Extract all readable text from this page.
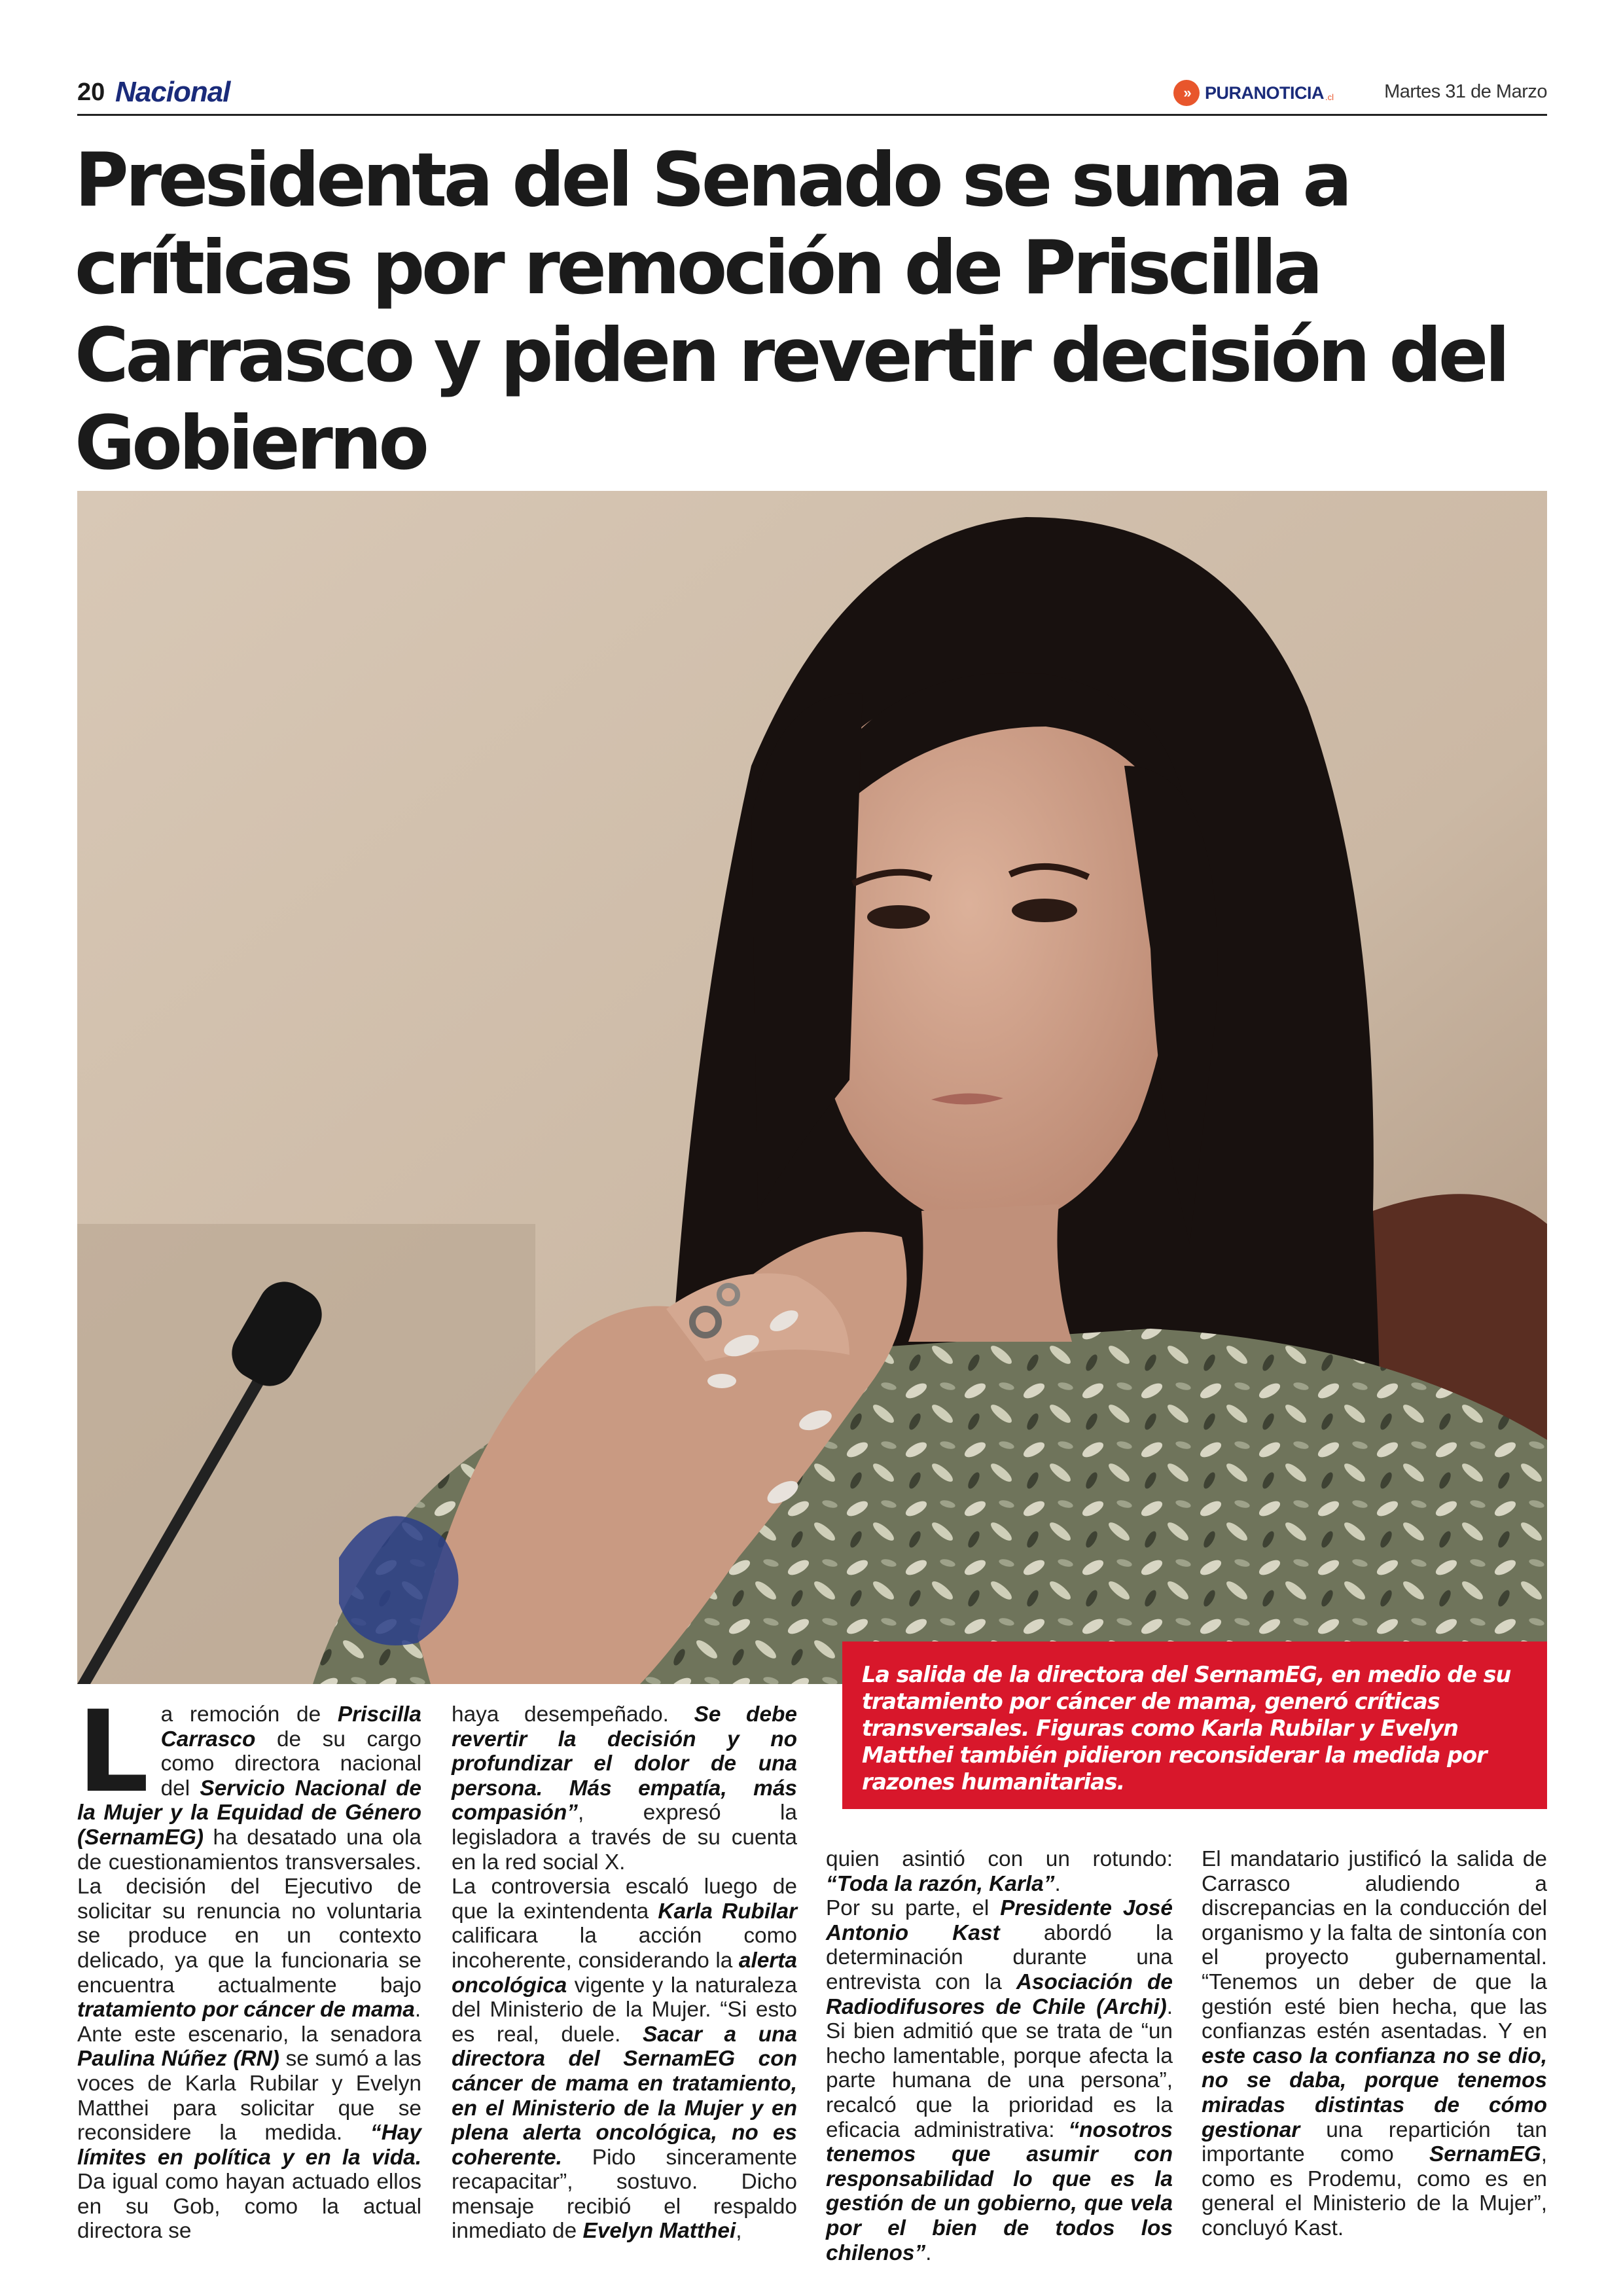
20 Nacional	» PURANOTICIA .cl	Martes 31 de Marzo
Presidenta del Senado se suma a críticas por remoción de Priscilla Carrasco y piden revertir decisión del Gobierno
La salida de la directora del SernamEG, en medio de su tratamiento por cáncer de mama, generó críticas transversales. Figuras como Karla Rubilar y Evelyn Matthei también pidieron reconsiderar la medida por razones humanitarias.

La remoción de Priscilla Carrasco de su cargo como directora nacional del Servicio Nacional de la Mujer y la Equidad de Género (SernamEG) ha desatado una ola de cuestionamientos transversales. La decisión del Ejecutivo de solicitar su renuncia no voluntaria se produce en un contexto delicado, ya que la funcionaria se encuentra actualmente bajo tratamiento por cáncer de mama.
Ante este escenario, la senadora Paulina Núñez (RN) se sumó a las voces de Karla Rubilar y Evelyn Matthei para solicitar que se reconsidere la medida. “Hay límites en política y en la vida. Da igual como hayan actuado ellos en su Gob, como la actual directora se

haya desempeñado. Se debe revertir la decisión y no profundizar el dolor de una persona. Más empatía, más compasión”, expresó la legisladora a través de su cuenta en la red social X.
La controversia escaló luego de que la exintendenta Karla Rubilar calificara la acción como incoherente, considerando la alerta oncológica vigente y la naturaleza del Ministerio de la Mujer. “Si esto es real, duele. Sacar a una directora del SernamEG con cáncer de mama en tratamiento, en el Ministerio de la Mujer y en plena alerta oncológica, no es coherente. Pido sinceramente recapacitar”, sostuvo. Dicho mensaje recibió el respaldo inmediato de Evelyn Matthei,

quien asintió con un rotundo: “Toda la razón, Karla”.
Por su parte, el Presidente José Antonio Kast abordó la determinación durante una entrevista con la Asociación de Radiodifusores de Chile (Archi). Si bien admitió que se trata de “un hecho lamentable, porque afecta la parte humana de una persona”, recalcó que la prioridad es la eficacia administrativa: “nosotros tenemos que asumir con responsabilidad lo que es la gestión de un gobierno, que vela por el bien de todos los chilenos”.

El mandatario justificó la salida de Carrasco aludiendo a discrepancias en la conducción del organismo y la falta de sintonía con el proyecto gubernamental. “Tenemos un deber de que la gestión esté bien hecha, que las confianzas estén asentadas. Y en este caso la confianza no se dio, no se daba, porque tenemos miradas distintas de cómo gestionar una repartición tan importante como SernamEG, como es Prodemu, como es en general el Ministerio de la Mujer”, concluyó Kast.
